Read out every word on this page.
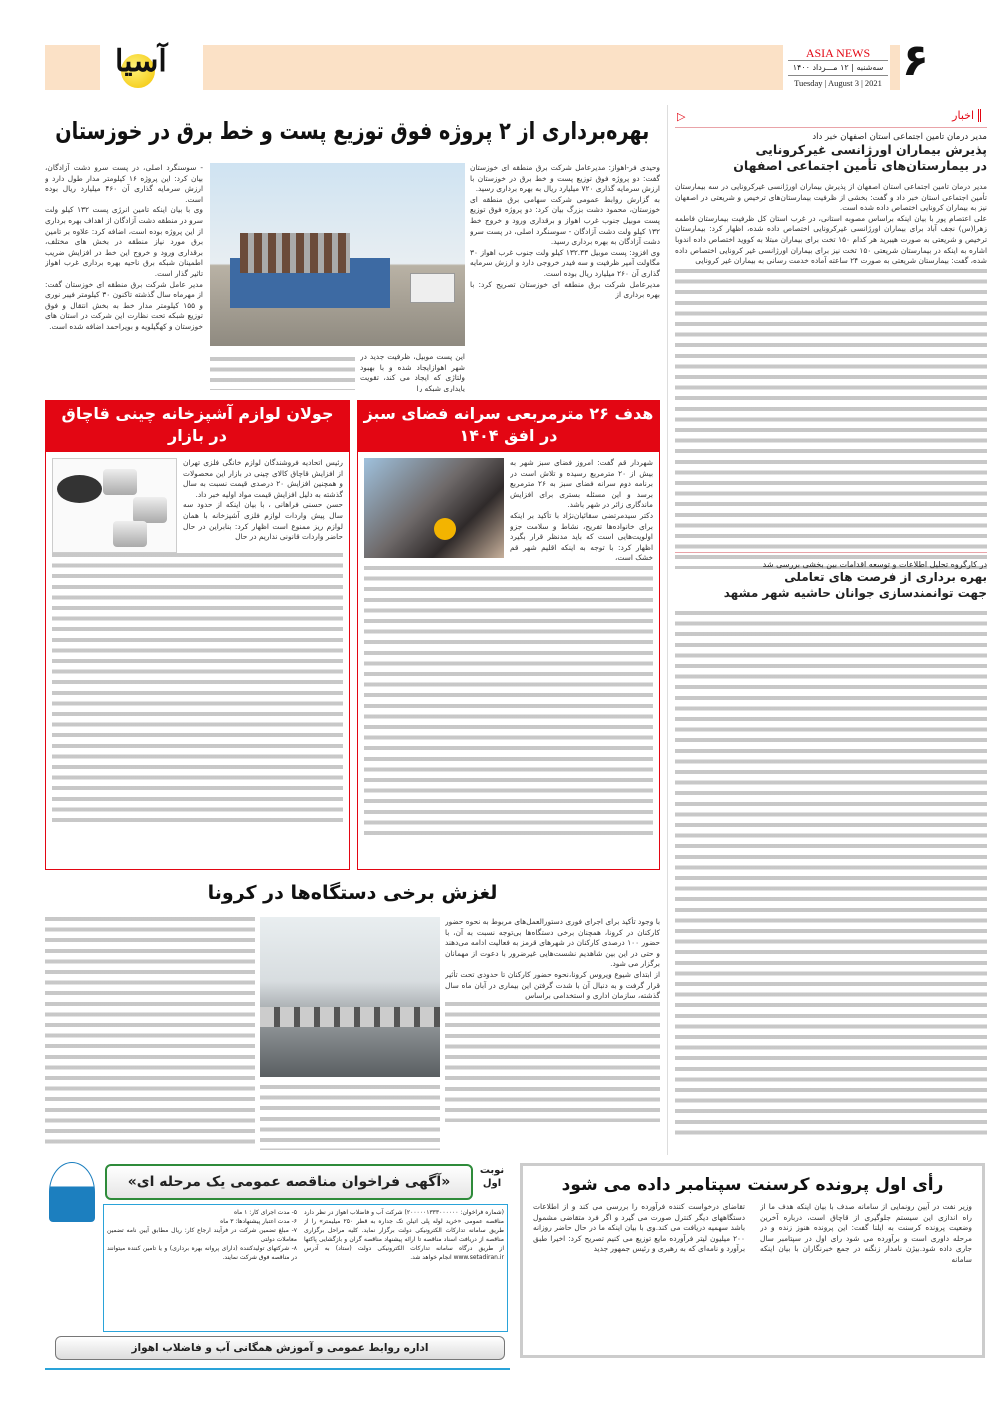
آسیا	ASIA NEWS
سه‌شنبه | ۱۲ مـــرداد ۱۴۰۰
Tuesday | August 3 | 2021 ۶
▷	اخبار
مدیر درمان تامین اجتماعی استان اصفهان خبر داد
پذیرش بیماران اورژانسی غیرکرونایی
در بیمارستان‌های تأمین اجتماعی اصفهان

مدیر درمان تامین اجتماعی استان اصفهان از پذیرش بیماران اورژانسی غیرکرونایی در سه بیمارستان تأمین اجتماعی استان خبر داد و گفت: بخشی از ظرفیت بیمارستان‌های ترخیص و شریعتی در اصفهان نیز به بیماران کرونایی اختصاص داده شده است.

علی اعتصام پور با بیان اینکه براساس مصوبه استانی، در غرب استان کل ظرفیت بیمارستان فاطمه زهرا(س) نجف آباد برای بیماران اورژانسی غیرکرونایی اختصاص داده شده، اظهار کرد: بیمارستان ترخیص و شریعتی به صورت هیبرید هر کدام ۱۵۰ تخت برای بیماران مبتلا به کووید اختصاص داده اندوبا اشاره به اینکه در بیمارستان شریعتی ۱۵۰ تخت نیز برای بیماران اورژانسی غیر کرونایی اختصاص داده شده، گفت: بیمارستان شریعتی به صورت ۲۴ ساعته آماده خدمت رسانی به بیماران غیر کرونایی

در کارگروه تحلیل اطلاعات و توسعه اقدامات بین بخشی بررسی شد
بهره برداری از فرصت های تعاملی
جهت توانمندسازی جوانان حاشیه شهر مشهد
بهره‌برداری از ۲ پروژه فوق توزیع پست و خط برق در خوزستان

وحیدی فر-اهواز: مدیرعامل شرکت برق منطقه ای خوزستان گفت: دو پروژه فوق توزیع پست و خط برق در خوزستان با ارزش سرمایه گذاری ۷۲۰ میلیارد ریال به بهره برداری رسید.

به گزارش روابط عمومی شرکت سهامی برق منطقه ای خوزستان، محمود دشت بزرگ بیان کرد: دو پروژه فوق توزیع پست موبیل جنوب غرب اهواز و برقداری ورود و خروج خط ۱۳۲ کیلو ولت دشت آزادگان - سوسنگرد اصلی، در پست سرو دشت آزادگان به بهره برداری رسید.

وی افزود: پست موبیل ۱۳۲.۳۳ کیلو ولت جنوب غرب اهواز ۳۰ مگاولت آمپر ظرفیت و سه فیدر خروجی دارد و ارزش سرمایه گذاری آن ۲۶۰ میلیارد ریال بوده است.

مدیرعامل شرکت برق منطقه ای خوزستان تصریح کرد: با بهره برداری از

این پست موبیل، ظرفیت جدید در شهر اهوازایجاد شده و با بهبود ولتاژی که ایجاد می کند، تقویت پایداری شبکه را

- سوسنگرد اصلی، در پست سرو دشت آزادگان، بیان کرد: این پروژه ۱۶ کیلومتر مدار طول دارد و ارزش سرمایه گذاری آن ۴۶۰ میلیارد ریال بوده است.

وی با بیان اینکه تامین انرژی پست ۱۳۲ کیلو ولت سرو در منطقه دشت آزادگان از اهداف بهره برداری از این پروژه بوده است، اضافه کرد: علاوه بر تامین برق مورد نیاز منطقه در بخش های مختلف، برقداری ورود و خروج این خط در افزایش ضریب اطمینان شبکه برق ناحیه بهره برداری غرب اهواز تاثیر گذار است.

مدیر عامل شرکت برق منطقه ای خوزستان گفت: از مهرماه سال گذشته تاکنون ۳۰ کیلومتر فیبر نوری و ۱۵۵ کیلومتر مدار خط به بخش انتقال و فوق توزیع شبکه تحت نظارت این شرکت در استان های خوزستان و کهگیلویه و بویراحمد اضافه شده است.

هدف ۲۶ مترمربعی سرانه فضای سبز
در افق ۱۴۰۴

شهردار قم گفت: امروز فضای سبز شهر به بیش از ۲۰ مترمربع رسیده و تلاش است در برنامه دوم سرانه فضای سبز به ۲۶ مترمربع برسد و این مسئله بستری برای افزایش ماندگاری زائر در شهر باشد.

دکتر سیدمرتضی سقائیان‌نژاد با تأکید بر اینکه برای خانواده‌ها تفریح، نشاط و سلامت جزو اولویت‌هایی است که باید مدنظر قرار بگیرد اظهار کرد: با توجه به اینکه اقلیم شهر قم خشک است،

جولان لوازم آشپزخانه چینی قاچاق
در بازار

رئیس اتحادیه فروشندگان لوازم خانگی فلزی تهران از افزایش قاچاق کالای چینی در بازار این محصولات و همچنین افزایش ۲۰ درصدی قیمت نسبت به سال گذشته به دلیل افزایش قیمت مواد اولیه خبر داد.

حسن حسنی فراهانی ، با بیان اینکه از حدود سه سال پیش واردات لوازم فلزی آشپزخانه با همان لوازم ریز ممنوع است اظهار کرد: بنابراین در حال حاضر واردات قانونی نداریم در حال

لغزش برخی دستگاه‌ها در کرونا

با وجود تأکید برای اجرای فوری دستورالعمل‌های مربوط به نحوه حضور کارکنان در کرونا، همچنان برخی دستگاه‌ها بی‌توجه نسبت به آن، با حضور ۱۰۰ درصدی کارکنان در شهرهای قرمز به فعالیت ادامه می‌دهند و حتی در این بین شاهدیم نشست‌هایی غیرضرور با دعوت از مهمانان برگزار می شود.

از ابتدای شیوع ویروس کرونا،نحوه حضور کارکنان تا حدودی تحت تأثیر قرار گرفت و به دنبال آن با شدت گرفتن این بیماری در آبان ماه سال گذشته، سازمان اداری و استخدامی براساس

«آگهی فراخوان مناقصه عمومی یک مرحله ای»
نوبت اول

(شماره فراخوان: ۲۰۰۰۰۰۱۳۳۳۰۰۰۰۰۰) شرکت آب و فاضلاب اهواز در نظر دارد مناقصه عمومی «خرید لوله پلی اتیلن تک جداره به قطر ۲۵۰ میلیمتر» را از طریق سامانه تدارکات الکترونیکی دولت برگزار نماید. کلیه مراحل برگزاری مناقصه از دریافت اسناد مناقصه تا ارائه پیشنهاد مناقصه گران و بازگشایی پاکتها از طریق درگاه سامانه تدارکات الکترونیکی دولت (ستاد) به آدرس www.setadiran.ir انجام خواهد شد.

۵- مدت اجرای کار: ۱ ماه
۶- مدت اعتبار پیشنهادها: ۳ ماه
۷- مبلغ تضمین شرکت در فرآیند ارجاع کار: ریال مطابق آیین نامه تضمین معاملات دولتی
۸- شرکتهای تولیدکننده (دارای پروانه بهره برداری) و یا تامین کننده میتوانند در مناقصه فوق شرکت نمایند.

اداره روابط عمومی و آموزش همگانی آب و فاضلاب اهواز
رأی اول پرونده کرسنت سپتامبر داده می شود

وزیر نفت در آیین رونمایی از سامانه صدف با بیان اینکه هدف ما از راه اندازی این سیستم جلوگیری از قاچاق است، درباره آخرین وضعیت پرونده کرسنت به ایلنا گفت: این پرونده هنوز زنده و در مرحله داوری است و برآورده می شود رای اول در سپتامبر سال جاری داده شود.بیژن نامدار زنگنه در جمع خبرنگاران با بیان اینکه سامانه

تقاضای درخواست کننده فرآورده را بررسی می کند و از اطلاعات دستگاههای دیگر کنترل صورت می گیرد و اگر فرد متقاضی مشمول باشد سهمیه دریافت می کند.وی با بیان اینکه ما در حال حاضر روزانه ۲۰۰ میلیون لیتر فرآورده مایع توزیع می کنیم تصریح کرد: اخیرا طبق برآورد و نامه‌ای که به رهبری و رئیس جمهور جدید
